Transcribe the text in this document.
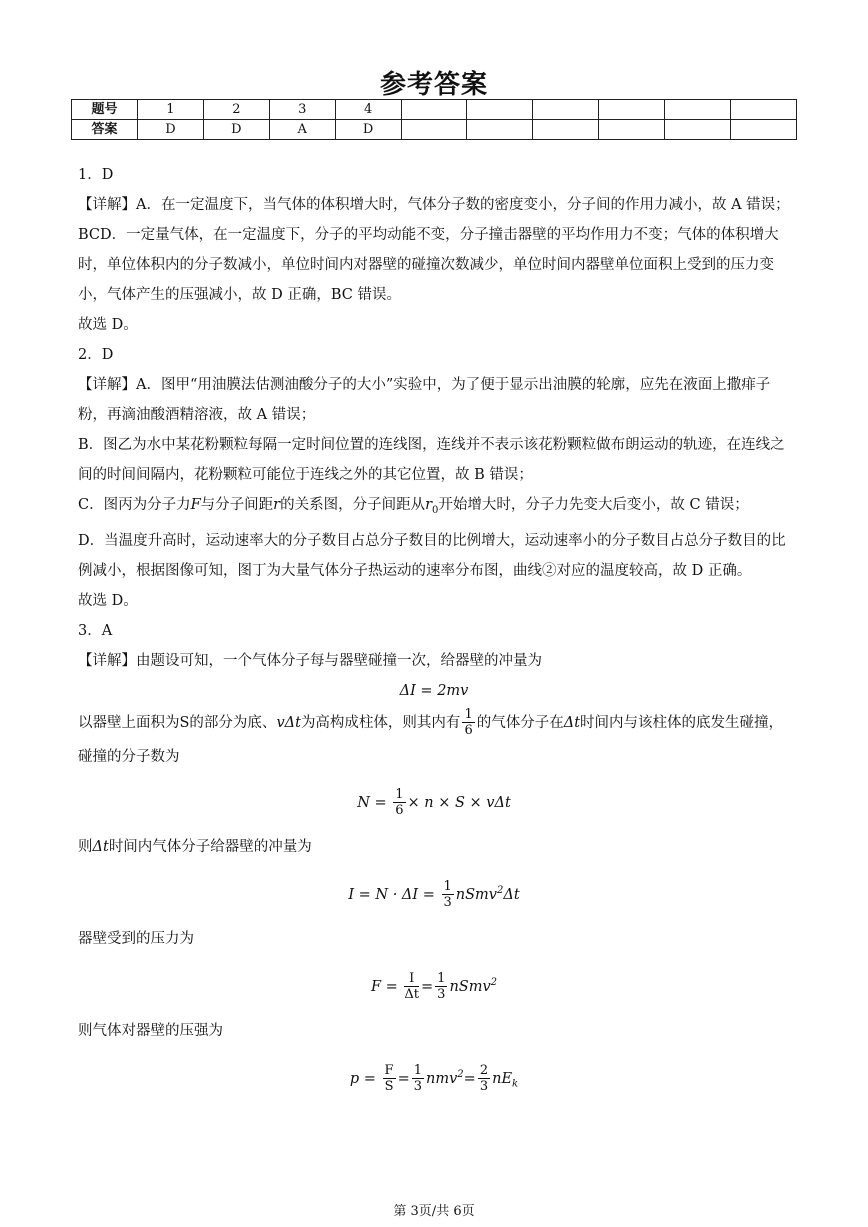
参考答案
题号	1	2	3	4						
答案	D	D	A	D						

1．D

【详解】A．在一定温度下，当气体的体积增大时，气体分子数的密度变小，分子间的作用力减小，故 A 错误；

BCD．一定量气体，在一定温度下，分子的平均动能不变，分子撞击器壁的平均作用力不变；气体的体积增大时，单位体积内的分子数减小，单位时间内对器壁的碰撞次数减少，单位时间内器壁单位面积上受到的压力变小，气体产生的压强减小，故 D 正确，BC 错误。

故选 D。

2．D

【详解】A．图甲“用油膜法估测油酸分子的大小”实验中，为了便于显示出油膜的轮廓，应先在液面上撒痱子粉，再滴油酸酒精溶液，故 A 错误；

B．图乙为水中某花粉颗粒每隔一定时间位置的连线图，连线并不表示该花粉颗粒做布朗运动的轨迹，在连线之间的时间间隔内，花粉颗粒可能位于连线之外的其它位置，故 B 错误；

C．图丙为分子力F与分子间距r的关系图，分子间距从$r_0$开始增大时，分子力先变大后变小，故 C 错误；

D．当温度升高时，运动速率大的分子数目占总分子数目的比例增大，运动速率小的分子数目占总分子数目的比例减小，根据图像可知，图丁为大量气体分子热运动的速率分布图，曲线②对应的温度较高，故 D 正确。

故选 D。

3．A

【详解】由题设可知，一个气体分子每与器壁碰撞一次，给器壁的冲量为

ΔI = 2mv

以器壁上面积为S的部分为底、vΔt为高构成柱体，则其内有 $\frac{1}{6}$ 的气体分子在Δt时间内与该柱体的底发生碰撞，碰撞的分子数为

$N = \frac{1}{6} \times n \times S \times v\Delta t$

则Δt时间内气体分子给器壁的冲量为

$I = N \cdot \Delta I = \frac{1}{3}$ nSmv$^2$Δt

器壁受到的压力为

$F = \frac{I}{\Delta t} = \frac{1}{3}$ nSmv$^2$

则气体对器壁的压强为

$p = \frac{F}{S} = \frac{1}{3} nmv^2= \frac{2}{3} nE_k$

第 3页/共 6页
